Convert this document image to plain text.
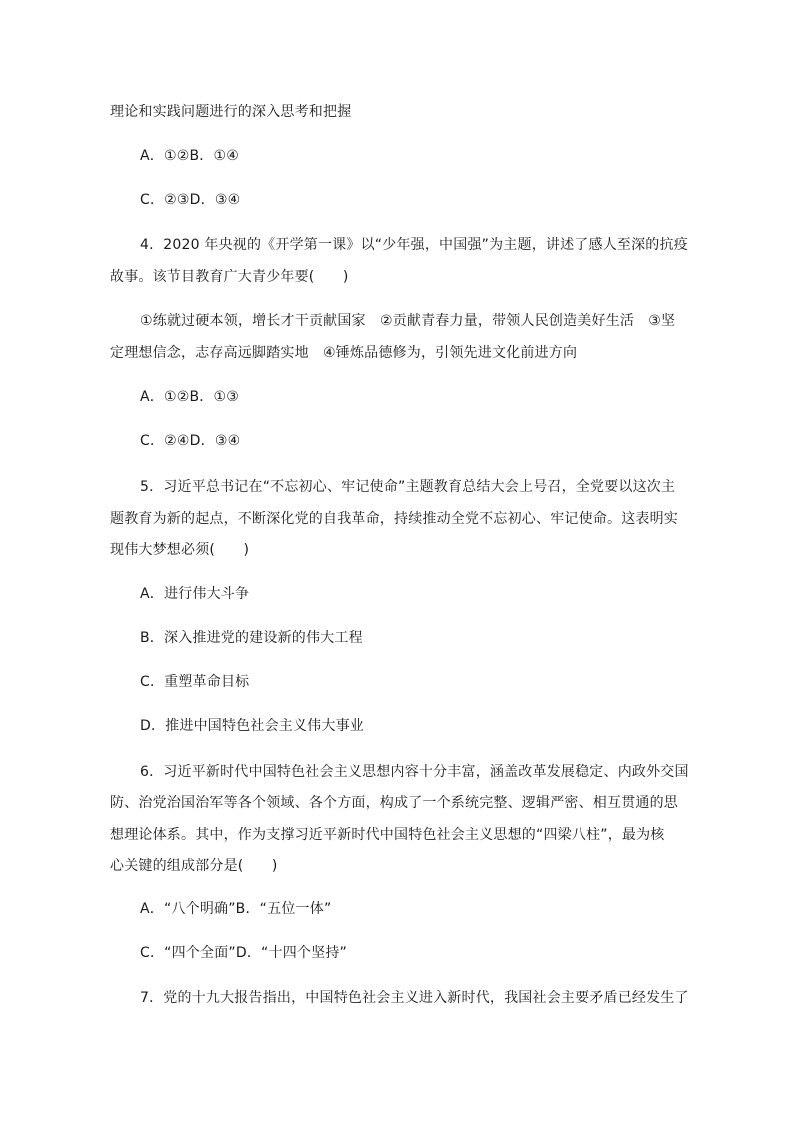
理论和实践问题进行的深入思考和把握
A．①②B．①④
C．②③D．③④
4．2020 年央视的《开学第一课》以“少年强，中国强”为主题，讲述了感人至深的抗疫
故事。该节目教育广大青少年要(　　)
①练就过硬本领，增长才干贡献国家　②贡献青春力量，带领人民创造美好生活　③坚
定理想信念，志存高远脚踏实地　④锤炼品德修为，引领先进文化前进方向
A．①②B．①③
C．②④D．③④
5．习近平总书记在“不忘初心、牢记使命”主题教育总结大会上号召，全党要以这次主
题教育为新的起点，不断深化党的自我革命，持续推动全党不忘初心、牢记使命。这表明实
现伟大梦想必须(　　)
A．进行伟大斗争
B．深入推进党的建设新的伟大工程
C．重塑革命目标
D．推进中国特色社会主义伟大事业
6．习近平新时代中国特色社会主义思想内容十分丰富，涵盖改革发展稳定、内政外交国
防、治党治国治军等各个领域、各个方面，构成了一个系统完整、逻辑严密、相互贯通的思
想理论体系。其中，作为支撑习近平新时代中国特色社会主义思想的“四梁八柱”，最为核
心关键的组成部分是(　　)
A．“八个明确”B．“五位一体”
C．“四个全面”D．“十四个坚持”
7．党的十九大报告指出，中国特色社会主义进入新时代，我国社会主要矛盾已经发生了
